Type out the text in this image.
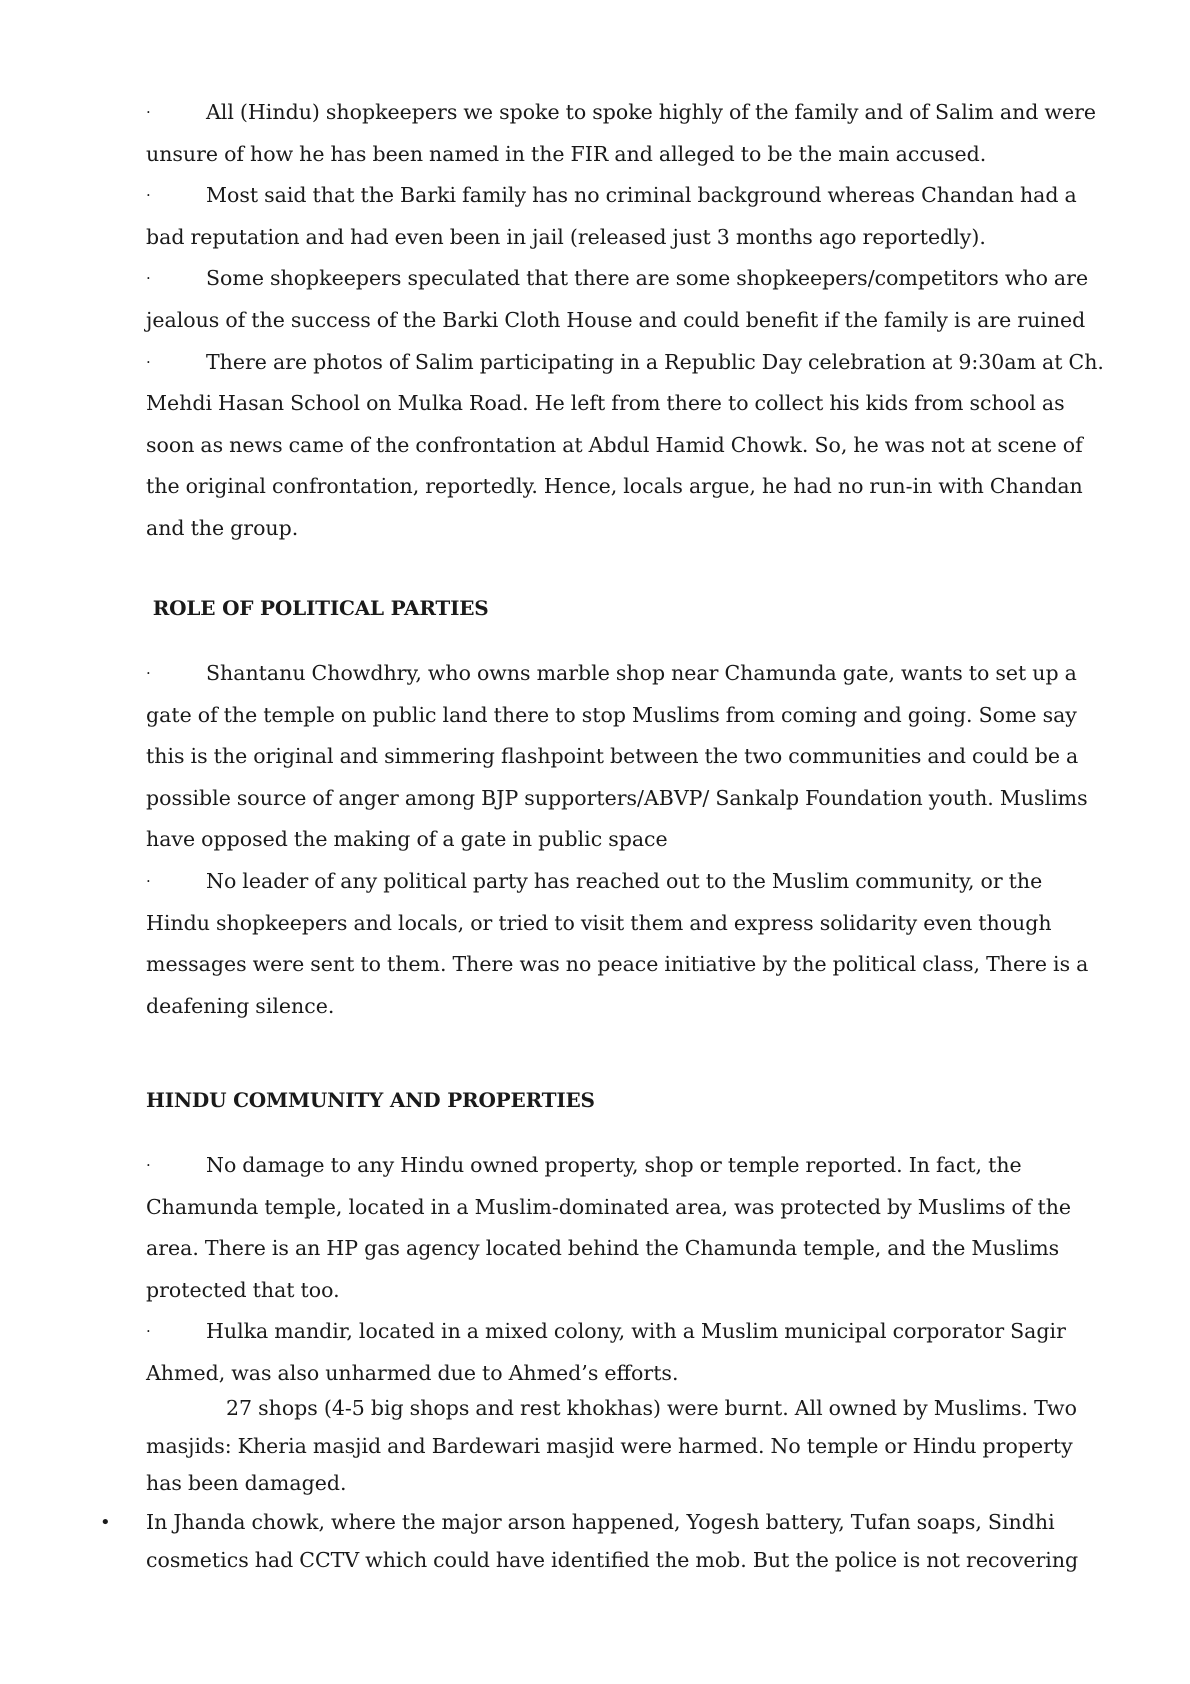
·	All (Hindu) shopkeepers we spoke to spoke highly of the family and of Salim and were unsure of how he has been named in the FIR and alleged to be the main accused.

·	Most said that the Barki family has no criminal background whereas Chandan had a bad reputation and had even been in jail (released just 3 months ago reportedly).

·	Some shopkeepers speculated that there are some shopkeepers/competitors who are jealous of the success of the Barki Cloth House and could benefit if the family is are ruined

·	There are photos of Salim participating in a Republic Day celebration at 9:30am at Ch. Mehdi Hasan School on Mulka Road. He left from there to collect his kids from school as soon as news came of the confrontation at Abdul Hamid Chowk. So, he was not at scene of the original confrontation, reportedly. Hence, locals argue, he had no run-in with Chandan and the group.

ROLE OF POLITICAL PARTIES

·	Shantanu Chowdhry, who owns marble shop near Chamunda gate, wants to set up a gate of the temple on public land there to stop Muslims from coming and going. Some say this is the original and simmering flashpoint between the two communities and could be a possible source of anger among BJP supporters/ABVP/ Sankalp Foundation youth. Muslims have opposed the making of a gate in public space

·	No leader of any political party has reached out to the Muslim community, or the Hindu shopkeepers and locals, or tried to visit them and express solidarity even though messages were sent to them. There was no peace initiative by the political class, There is a deafening silence.

HINDU COMMUNITY AND PROPERTIES

·	No damage to any Hindu owned property, shop or temple reported. In fact, the Chamunda temple, located in a Muslim-dominated area, was protected by Muslims of the area. There is an HP gas agency located behind the Chamunda temple, and the Muslims protected that too.

·	Hulka mandir, located in a mixed colony, with a Muslim municipal corporator Sagir Ahmed, was also unharmed due to Ahmed’s efforts.

27 shops (4-5 big shops and rest khokhas) were burnt. All owned by Muslims. Two masjids: Kheria masjid and Bardewari masjid were harmed. No temple or Hindu property has been damaged.

• In Jhanda chowk, where the major arson happened, Yogesh battery, Tufan soaps, Sindhi cosmetics had CCTV which could have identified the mob. But the police is not recovering
